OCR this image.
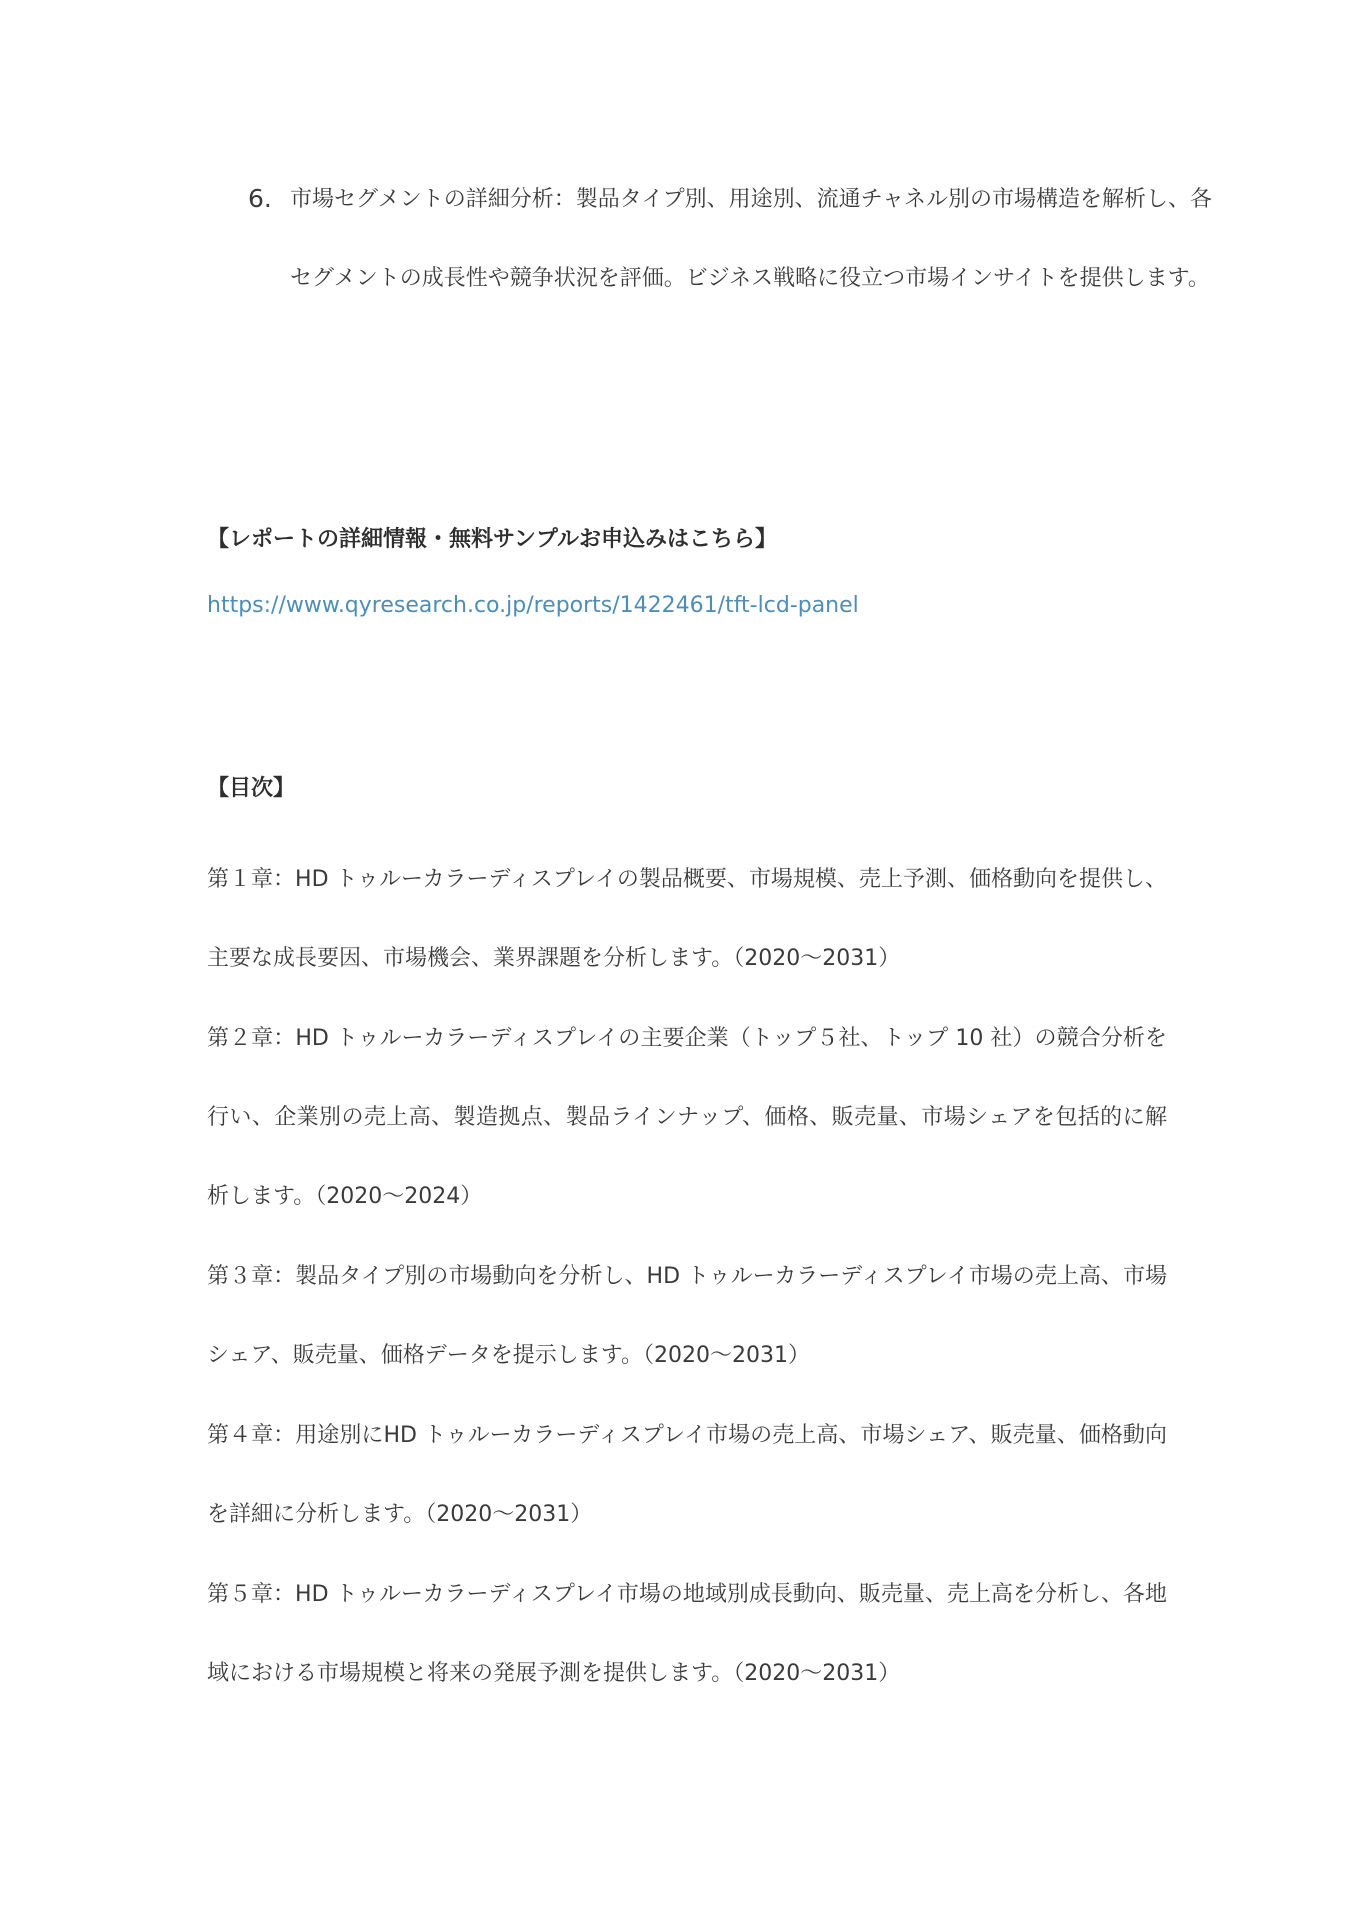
6. 市場セグメントの詳細分析：製品タイプ別、用途別、流通チャネル別の市場構造を解析し、各セグメントの成長性や競争状況を評価。ビジネス戦略に役立つ市場インサイトを提供します。

【レポートの詳細情報・無料サンプルお申込みはこちら】
https://www.qyresearch.co.jp/reports/1422461/tft-lcd-panel
【目次】

第１章：HD トゥルーカラーディスプレイの製品概要、市場規模、売上予測、価格動向を提供し、主要な成長要因、市場機会、業界課題を分析します。（2020～2031）

第２章：HD トゥルーカラーディスプレイの主要企業（トップ５社、トップ 10 社）の競合分析を行い、企業別の売上高、製造拠点、製品ラインナップ、価格、販売量、市場シェアを包括的に解析します。（2020～2024）

第３章：製品タイプ別の市場動向を分析し、HD トゥルーカラーディスプレイ市場の売上高、市場シェア、販売量、価格データを提示します。（2020～2031）

第４章：用途別にHD トゥルーカラーディスプレイ市場の売上高、市場シェア、販売量、価格動向を詳細に分析します。（2020～2031）

第５章：HD トゥルーカラーディスプレイ市場の地域別成長動向、販売量、売上高を分析し、各地域における市場規模と将来の発展予測を提供します。（2020～2031）
